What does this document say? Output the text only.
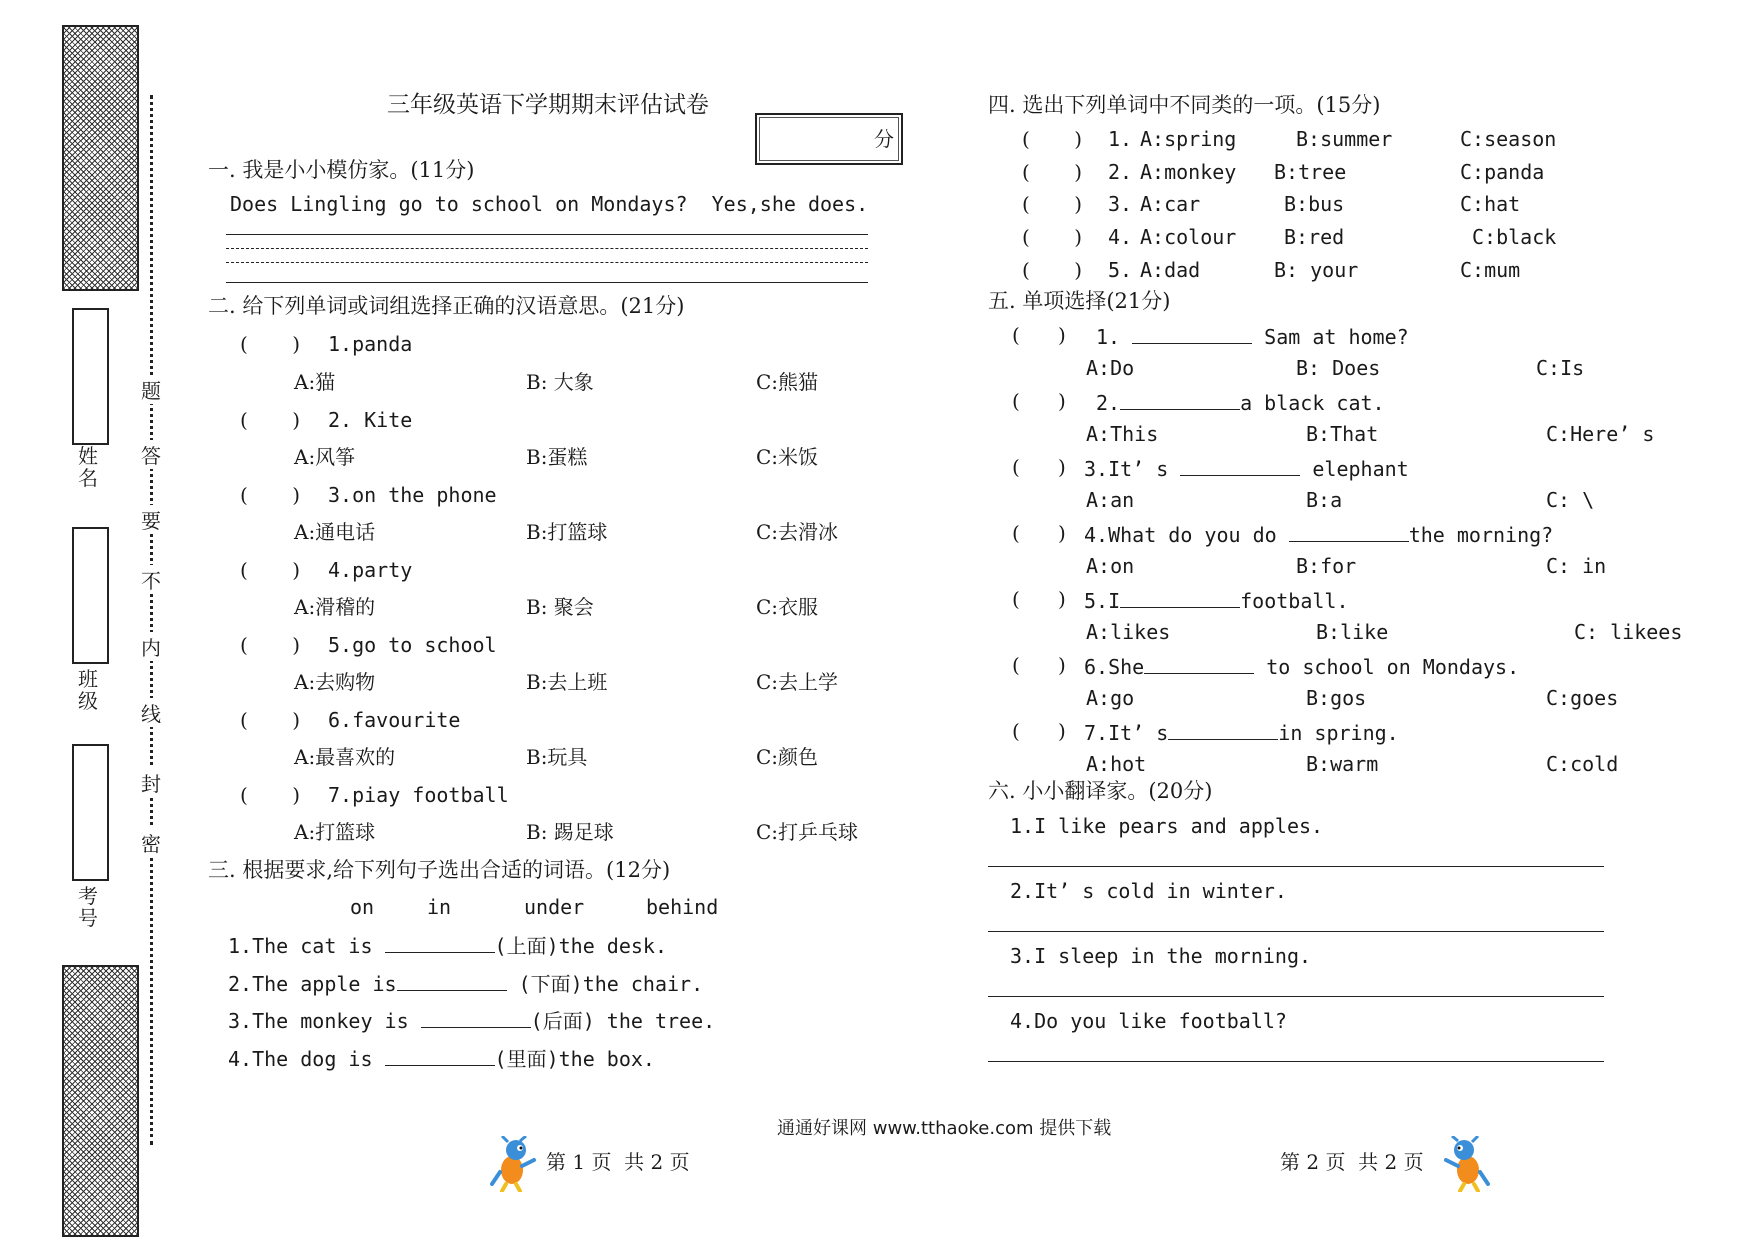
姓名
班级
考号
密
封
线
内
不
要
答
题
三年级英语下学期期末评估试卷
分
一. 我是小小模仿家。(11分)
Does Lingling go to school on Mondays?  Yes,she does.
二. 给下列单词或词组选择正确的汉语意思。(21分)
(       ) 1.panda
A:猫	B: 大象	C:熊猫
(       ) 2. Kite
A:风筝	B:蛋糕	C:米饭
(       ) 3.on the phone
A:通电话	B:打篮球	C:去滑冰
(       ) 4.party
A:滑稽的	B: 聚会	C:衣服
(       ) 5.go to school
A:去购物	B:去上班	C:去上学
(       ) 6.favourite
A:最喜欢的	B:玩具	C:颜色
(       ) 7.piay football
A:打篮球	B: 踢足球	C:打乒乓球
三. 根据要求,给下列句子选出合适的词语。(12分)
on	in	under	behind
1.The cat is	(上面)the desk.
2.The apple is	(下面)the chair.
3.The monkey is	(后面) the tree.
4.The dog is	(里面)the box.
四. 选出下列单词中不同类的一项。(15分)
(       ) 1. A:spring	B:summer	C:season
(       ) 2. A:monkey B:tree	C:panda
(       ) 3. A:car	B:bus	C:hat
(       ) 4. A:colour B:red	C:black
(       ) 5. A:dad	B: your	C:mum
五. 单项选择(21分)
(      ) 1.	Sam at home?
A:Do	B: Does	C:Is
(      ) 2.	a black cat.
A:This	B:That	C:Here’ s
(      ) 3.It’ s	elephant
A:an	B:a	C: \
(      ) 4.What do you do	the morning?
A:on	B:for	C: in
(      ) 5.I	football.
A:likes	B:like	C: likees
(      ) 6.She	to school on Mondays.
A:go	B:gos	C:goes
(      ) 7.It’ s	in spring.
A:hot	B:warm	C:cold
六. 小小翻译家。(20分)
1.I like pears and apples.
2.It’ s cold in winter.
3.I sleep in the morning.
4.Do you like football?
通通好课网 www.tthaoke.com 提供下载
第 1 页  共 2 页	第 2 页  共 2 页
